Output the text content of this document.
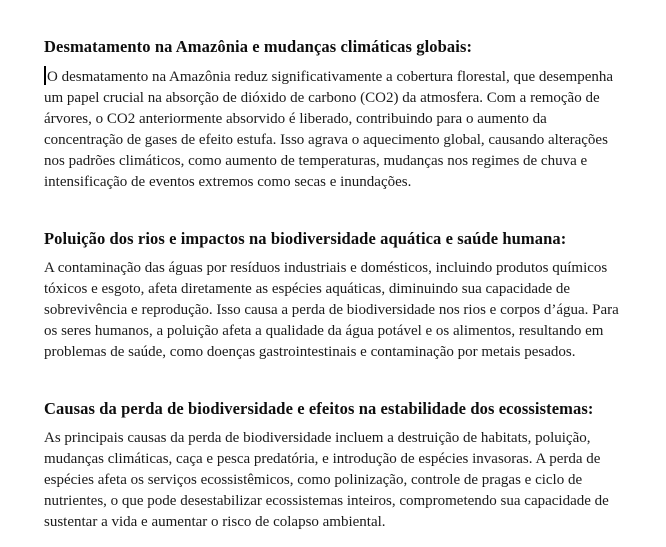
Desmatamento na Amazônia e mudanças climáticas globais:

O desmatamento na Amazônia reduz significativamente a cobertura florestal, que desempenha um papel crucial na absorção de dióxido de carbono (CO2) da atmosfera. Com a remoção de árvores, o CO2 anteriormente absorvido é liberado, contribuindo para o aumento da concentração de gases de efeito estufa. Isso agrava o aquecimento global, causando alterações nos padrões climáticos, como aumento de temperaturas, mudanças nos regimes de chuva e intensificação de eventos extremos como secas e inundações.

Poluição dos rios e impactos na biodiversidade aquática e saúde humana:

A contaminação das águas por resíduos industriais e domésticos, incluindo produtos químicos tóxicos e esgoto, afeta diretamente as espécies aquáticas, diminuindo sua capacidade de sobrevivência e reprodução. Isso causa a perda de biodiversidade nos rios e corpos d’água. Para os seres humanos, a poluição afeta a qualidade da água potável e os alimentos, resultando em problemas de saúde, como doenças gastrointestinais e contaminação por metais pesados.

Causas da perda de biodiversidade e efeitos na estabilidade dos ecossistemas:

As principais causas da perda de biodiversidade incluem a destruição de habitats, poluição, mudanças climáticas, caça e pesca predatória, e introdução de espécies invasoras. A perda de espécies afeta os serviços ecossistêmicos, como polinização, controle de pragas e ciclo de nutrientes, o que pode desestabilizar ecossistemas inteiros, comprometendo sua capacidade de sustentar a vida e aumentar o risco de colapso ambiental.
